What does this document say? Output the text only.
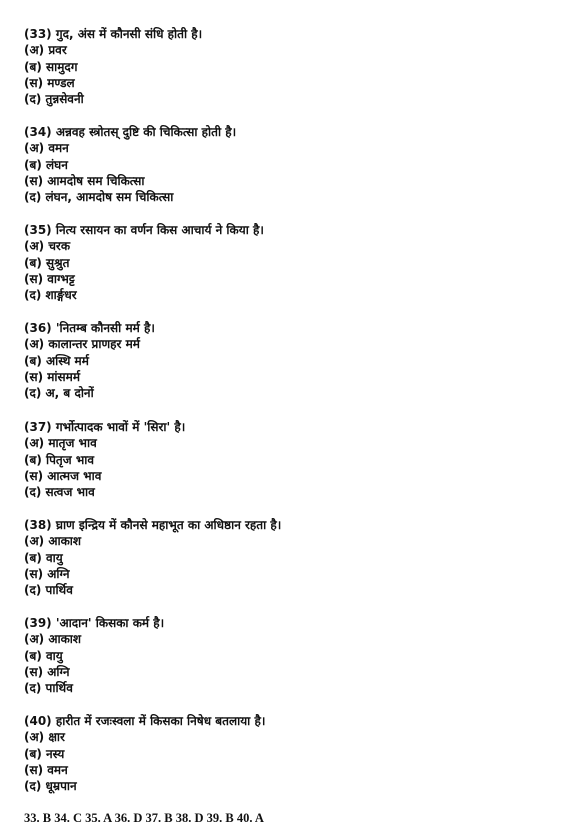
(33) गुद, अंस में कौनसी संधि होती है।
(अ) प्रवर
(ब) सामुदग
(स) मण्डल
(द) तुन्नसेवनी
(34) अन्नवह स्त्रोतस् दुष्टि की चिकित्सा होती है।
(अ) वमन
(ब) लंघन
(स) आमदोष सम चिकित्सा
(द) लंघन, आमदोष सम चिकित्सा
(35) नित्य रसायन का वर्णन किस आचार्य ने किया है।
(अ) चरक
(ब) सुश्रुत
(स) वाग्भट्ट
(द) शार्ङ्गधर
(36) 'नितम्ब कौनसी मर्म है।
(अ) कालान्तर प्राणहर मर्म
(ब) अस्थि मर्म
(स) मांसमर्म
(द) अ, ब दोनों
(37) गर्भोत्पादक भावों में 'सिरा' है।
(अ) मातृज भाव
(ब) पितृज भाव
(स) आत्मज भाव
(द) सत्वज भाव
(38) घ्राण इन्द्रिय में कौनसे महाभूत का अधिष्ठान रहता है।
(अ) आकाश
(ब) वायु
(स) अग्नि
(द) पार्थिव
(39) 'आदान' किसका कर्म है।
(अ) आकाश
(ब) वायु
(स) अग्नि
(द) पार्थिव
(40) हारीत में रजःस्वला में किसका निषेध बतलाया है।
(अ) क्षार
(ब) नस्य
(स) वमन
(द) धूम्रपान
33. B 34. C 35. A 36. D 37. B 38. D 39. B 40. A
